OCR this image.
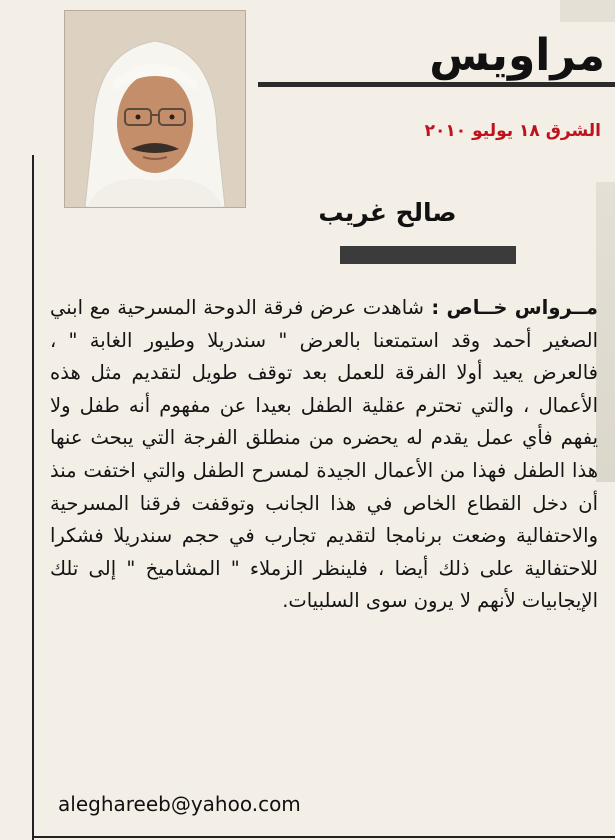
مراويس
الشرق ١٨ يوليو ٢٠١٠
صالح غريب
مــرواس خــاص : شاهدت عرض فرقة الدوحة المسرحية مع ابني الصغير أحمد وقد استمتعنا بالعرض " سندريلا وطيور الغابة " ، فالعرض يعيد أولا الفرقة للعمل بعد توقف طويل لتقديم مثل هذه الأعمال ، والتي تحترم عقلية الطفل بعيدا عن مفهوم أنه طفل ولا يفهم فأي عمل يقدم له يحضره من منطلق الفرجة التي يبحث عنها هذا الطفل فهذا من الأعمال الجيدة لمسرح الطفل والتي اختفت منذ أن دخل القطاع الخاص في هذا الجانب وتوقفت فرقنا المسرحية والاحتفالية وضعت برنامجا لتقديم تجارب في حجم سندريلا فشكرا للاحتفالية على ذلك أيضا ، فلينظر الزملاء " المشاميخ " إلى تلك الإيجابيات لأنهم لا يرون سوى السلبيات.
aleghareeb@yahoo.com
